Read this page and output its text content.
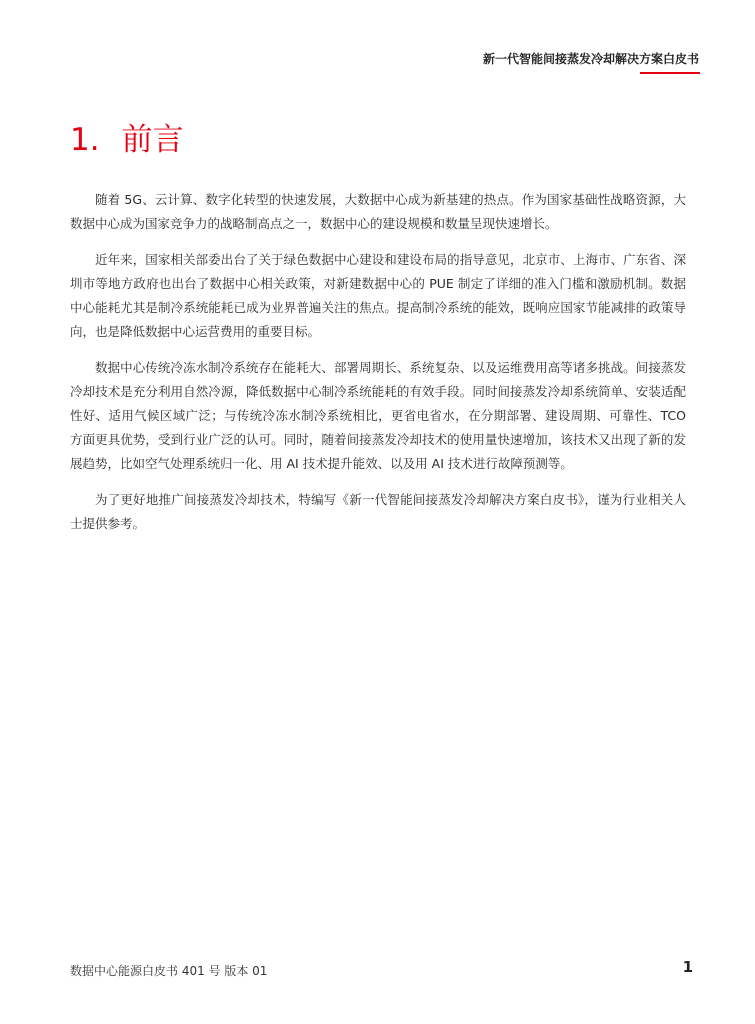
新一代智能间接蒸发冷却解决方案白皮书
1. 前言

随着 5G、云计算、数字化转型的快速发展，大数据中心成为新基建的热点。作为国家基础性战略资源，大数据中心成为国家竞争力的战略制高点之一，数据中心的建设规模和数量呈现快速增长。

近年来，国家相关部委出台了关于绿色数据中心建设和建设布局的指导意见，北京市、上海市、广东省、深圳市等地方政府也出台了数据中心相关政策，对新建数据中心的 PUE 制定了详细的准入门槛和激励机制。数据中心能耗尤其是制冷系统能耗已成为业界普遍关注的焦点。提高制冷系统的能效，既响应国家节能减排的政策导向，也是降低数据中心运营费用的重要目标。

数据中心传统冷冻水制冷系统存在能耗大、部署周期长、系统复杂、以及运维费用高等诸多挑战。间接蒸发冷却技术是充分利用自然冷源，降低数据中心制冷系统能耗的有效手段。同时间接蒸发冷却系统简单、安装适配性好、适用气候区域广泛；与传统冷冻水制冷系统相比，更省电省水，在分期部署、建设周期、可靠性、TCO 方面更具优势，受到行业广泛的认可。同时，随着间接蒸发冷却技术的使用量快速增加，该技术又出现了新的发展趋势，比如空气处理系统归一化、用 AI 技术提升能效、以及用 AI 技术进行故障预测等。

为了更好地推广间接蒸发冷却技术，特编写《新一代智能间接蒸发冷却解决方案白皮书》，谨为行业相关人士提供参考。

数据中心能源白皮书 401 号 版本 01	1
